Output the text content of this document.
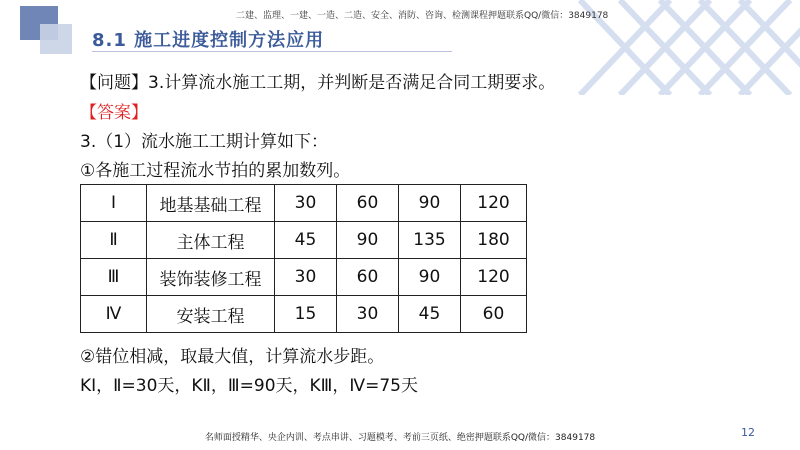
二建、监理、一建、一造、二造、安全、消防、咨询、检测课程押题联系QQ/微信：3849178
8.1 施工进度控制方法应用
【问题】3.计算流水施工工期，并判断是否满足合同工期要求。
【答案】
3.（1）流水施工工期计算如下：
①各施工过程流水节拍的累加数列。
Ⅰ	地基基础工程	30	60	90	120
Ⅱ	主体工程	45	90	135	180
Ⅲ	装饰装修工程	30	60	90	120
Ⅳ	安装工程	15	30	45	60
②错位相减，取最大值，计算流水步距。
KⅠ，Ⅱ=30天，KⅡ，Ⅲ=90天，KⅢ，Ⅳ=75天
12
名师面授精华、央企内训、考点串讲、习题模考、考前三页纸、绝密押题联系QQ/微信：3849178
